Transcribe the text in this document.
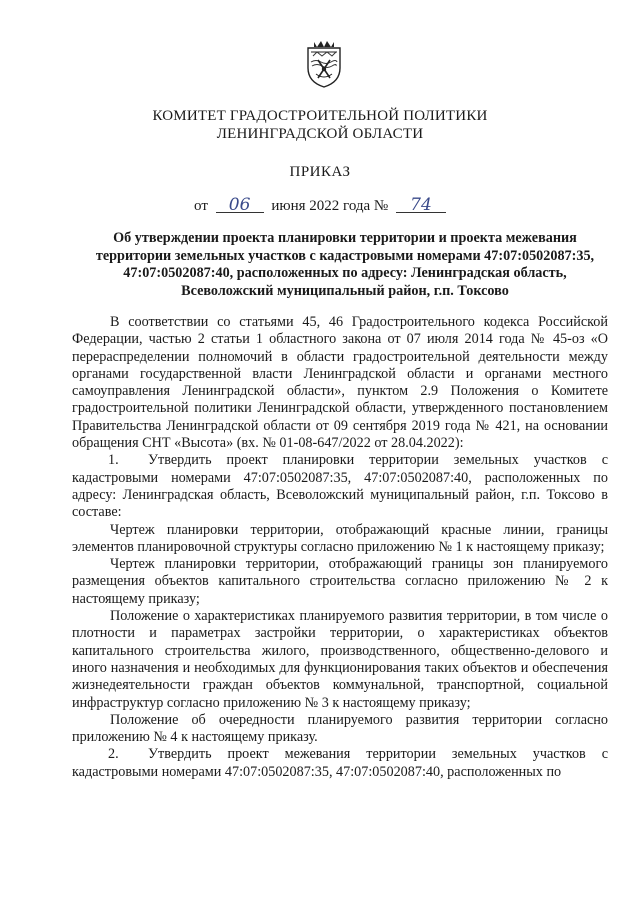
КОМИТЕТ ГРАДОСТРОИТЕЛЬНОЙ ПОЛИТИКИ
ЛЕНИНГРАДСКОЙ ОБЛАСТИ
ПРИКАЗ
от 06 июня 2022 года № 74
Об утверждении проекта планировки территории и проекта межевания территории земельных участков с кадастровыми номерами 47:07:0502087:35, 47:07:0502087:40, расположенных по адресу: Ленинградская область, Всеволожский муниципальный район, г.п. Токсово

В соответствии со статьями 45, 46 Градостроительного кодекса Российской Федерации, частью 2 статьи 1 областного закона от 07 июля 2014 года № 45-оз «О перераспределении полномочий в области градостроительной деятельности между органами государственной власти Ленинградской области и органами местного самоуправления Ленинградской области», пунктом 2.9 Положения о Комитете градостроительной политики Ленинградской области, утвержденного постановлением Правительства Ленинградской области от 09 сентября 2019 года № 421, на основании обращения СНТ «Высота» (вх. № 01-08-647/2022 от 28.04.2022):

1. Утвердить проект планировки территории земельных участков с кадастровыми номерами 47:07:0502087:35, 47:07:0502087:40, расположенных по адресу: Ленинградская область, Всеволожский муниципальный район, г.п. Токсово в составе:

Чертеж планировки территории, отображающий красные линии, границы элементов планировочной структуры согласно приложению № 1 к настоящему приказу;

Чертеж планировки территории, отображающий границы зон планируемого размещения объектов капитального строительства согласно приложению № 2 к настоящему приказу;

Положение о характеристиках планируемого развития территории, в том числе о плотности и параметрах застройки территории, о характеристиках объектов капитального строительства жилого, производственного, общественно-делового и иного назначения и необходимых для функционирования таких объектов и обеспечения жизнедеятельности граждан объектов коммунальной, транспортной, социальной инфраструктур согласно приложению № 3 к настоящему приказу;

Положение об очередности планируемого развития территории согласно приложению № 4 к настоящему приказу.

2. Утвердить проект межевания территории земельных участков с кадастровыми номерами 47:07:0502087:35, 47:07:0502087:40, расположенных по
